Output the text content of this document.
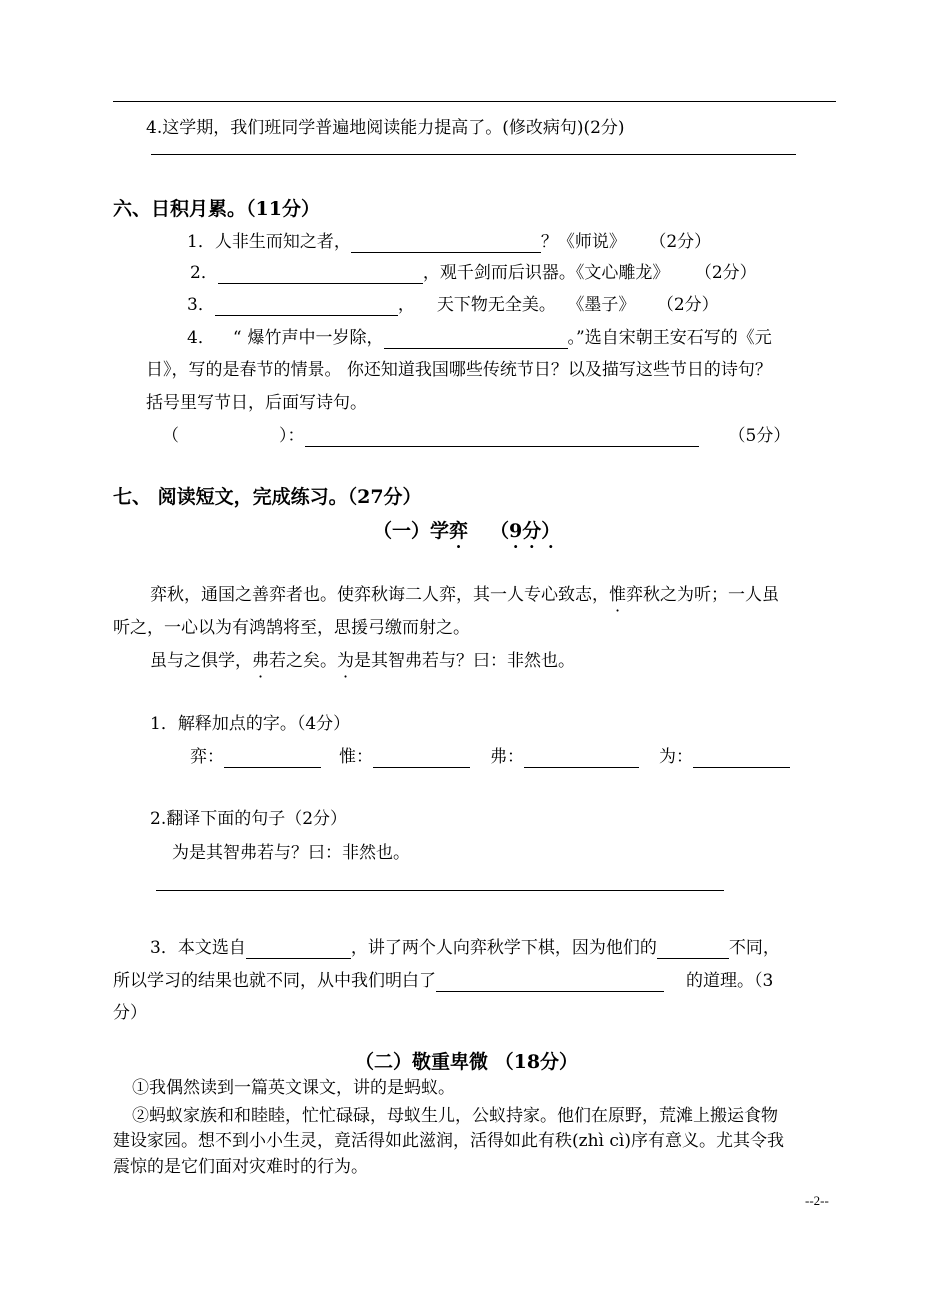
4.这学期，我们班同学普遍地阅读能力提高了。(修改病句)(2分)
六、日积月累。（11分）
1．人非生而知之者，	？《师说》 （2分）
2．	，观千剑而后识器。《文心雕龙》 （2分）
3．	， 天下物无全美。 《墨子》 （2分）
4． “ 爆竹声中一岁除，	。”选自宋朝王安石写的《元
日》，写的是春节的情景。 你还知道我国哪些传统节日？以及描写这些节日的诗句？
括号里写节日，后面写诗句。
（	）：	（5分）
七、 阅读短文，完成练习。（27分）
（一）学弈 （9 ·分） ·
弈秋，通国之善弈者也。使弈秋诲二人弈，其一人专心致志，惟弈秋之为听；一人虽
听之，一心以为有鸿鹄将至，思援弓缴而射之。
虽与之俱学，弗若之矣。为是其智弗若与？曰：非然也。
1．解释加点的字。（4分）
弈：	惟：	弗：	为：
2.翻译下面的句子（2分）
为是其智弗若与？曰：非然也。
3．本文选自	，讲了两个人向弈秋学下棋，因为他们的	不同，
所以学习的结果也就不同，从中我们明白了	的道理。（3
分）
（二）敬重卑微 （18分）
①我偶然读到一篇英文课文，讲的是蚂蚁。
②蚂蚁家族和和睦睦，忙忙碌碌，母蚁生儿，公蚁持家。他们在原野，荒滩上搬运食物
建设家园。想不到小小生灵，竟活得如此滋润，活得如此有秩(zhì cì)序有意义。尤其令我
震惊的是它们面对灾难时的行为。
--2--
